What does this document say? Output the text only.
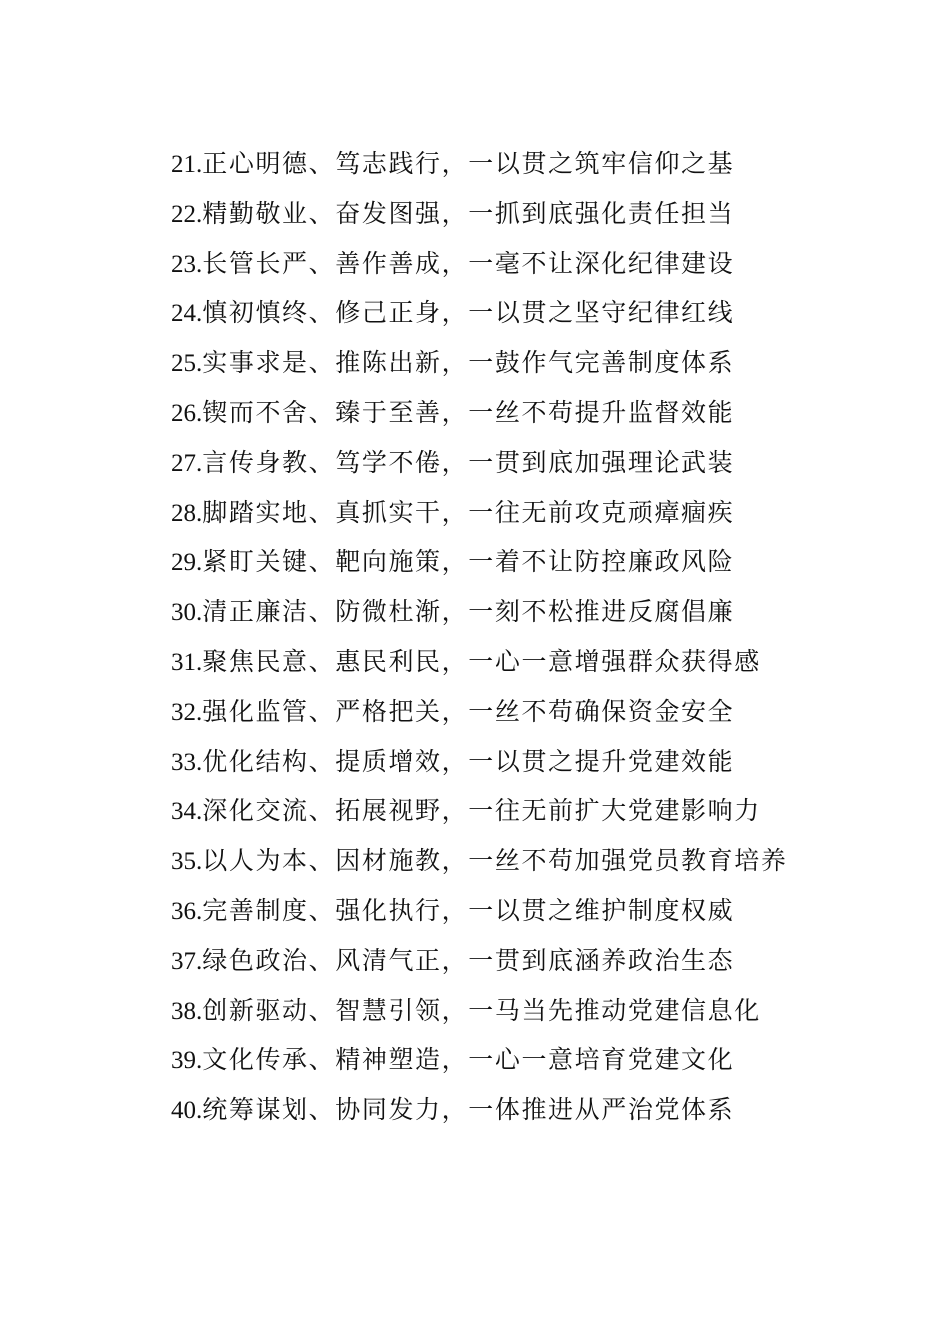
21.正心明德、笃志践行，一以贯之筑牢信仰之基
22.精勤敬业、奋发图强，一抓到底强化责任担当
23.长管长严、善作善成，一毫不让深化纪律建设
24.慎初慎终、修己正身，一以贯之坚守纪律红线
25.实事求是、推陈出新，一鼓作气完善制度体系
26.锲而不舍、臻于至善，一丝不苟提升监督效能
27.言传身教、笃学不倦，一贯到底加强理论武装
28.脚踏实地、真抓实干，一往无前攻克顽瘴痼疾
29.紧盯关键、靶向施策，一着不让防控廉政风险
30.清正廉洁、防微杜渐，一刻不松推进反腐倡廉
31.聚焦民意、惠民利民，一心一意增强群众获得感
32.强化监管、严格把关，一丝不苟确保资金安全
33.优化结构、提质增效，一以贯之提升党建效能
34.深化交流、拓展视野，一往无前扩大党建影响力
35.以人为本、因材施教，一丝不苟加强党员教育培养
36.完善制度、强化执行，一以贯之维护制度权威
37.绿色政治、风清气正，一贯到底涵养政治生态
38.创新驱动、智慧引领，一马当先推动党建信息化
39.文化传承、精神塑造，一心一意培育党建文化
40.统筹谋划、协同发力，一体推进从严治党体系
